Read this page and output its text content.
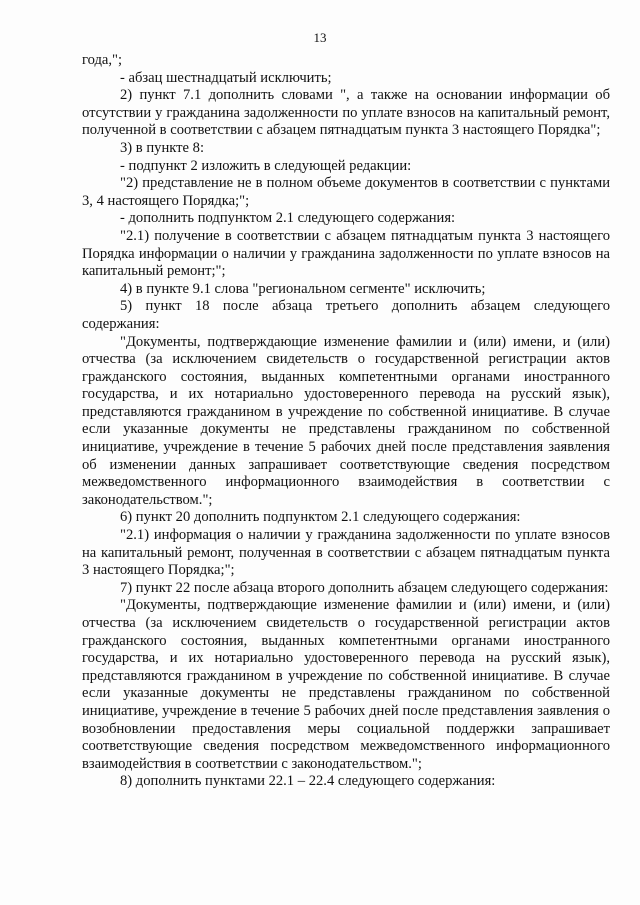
13

года,";

- абзац шестнадцатый исключить;

2) пункт 7.1 дополнить словами ", а также на основании информации об отсутствии у гражданина задолженности по уплате взносов на капитальный ремонт, полученной в соответствии с абзацем пятнадцатым пункта 3 настоящего Порядка";

3) в пункте 8:

- подпункт 2 изложить в следующей редакции:

"2) представление не в полном объеме документов в соответствии с пунктами 3, 4 настоящего Порядка;";

- дополнить подпунктом 2.1 следующего содержания:

"2.1) получение в соответствии с абзацем пятнадцатым пункта 3 настоящего Порядка информации о наличии у гражданина задолженности по уплате взносов на капитальный ремонт;";

4) в пункте 9.1 слова "региональном сегменте" исключить;

5) пункт 18 после абзаца третьего дополнить абзацем следующего содержания:

"Документы, подтверждающие изменение фамилии и (или) имени, и (или) отчества (за исключением свидетельств о государственной регистрации актов гражданского состояния, выданных компетентными органами иностранного государства, и их нотариально удостоверенного перевода на русский язык), представляются гражданином в учреждение по собственной инициативе. В случае если указанные документы не представлены гражданином по собственной инициативе, учреждение в течение 5 рабочих дней после представления заявления об изменении данных запрашивает соответствующие сведения посредством межведомственного информационного взаимодействия в соответствии с законодательством.";

6) пункт 20 дополнить подпунктом 2.1 следующего содержания:

"2.1) информация о наличии у гражданина задолженности по уплате взносов на капитальный ремонт, полученная в соответствии с абзацем пятнадцатым пункта 3 настоящего Порядка;";

7) пункт 22 после абзаца второго дополнить абзацем следующего содержания:

"Документы, подтверждающие изменение фамилии и (или) имени, и (или) отчества (за исключением свидетельств о государственной регистрации актов гражданского состояния, выданных компетентными органами иностранного государства, и их нотариально удостоверенного перевода на русский язык), представляются гражданином в учреждение по собственной инициативе. В случае если указанные документы не представлены гражданином по собственной инициативе, учреждение в течение 5 рабочих дней после представления заявления о возобновлении предоставления меры социальной поддержки запрашивает соответствующие сведения посредством межведомственного информационного взаимодействия в соответствии с законодательством.";

8) дополнить пунктами 22.1 – 22.4 следующего содержания:
